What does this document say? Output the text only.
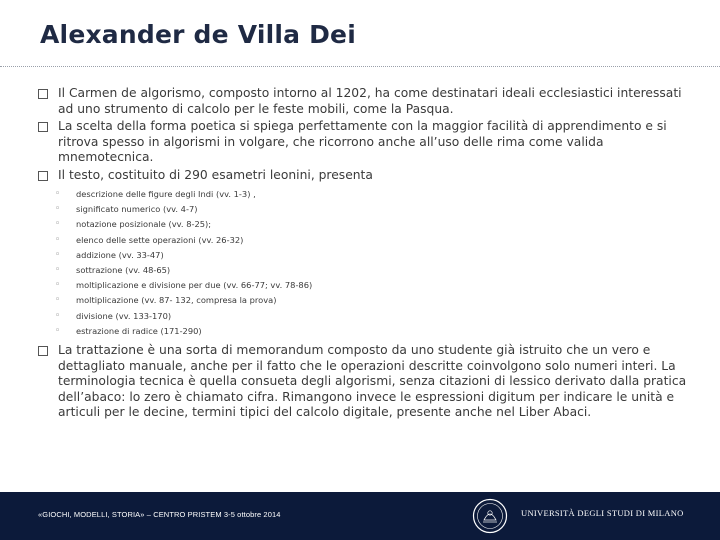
Alexander de Villa Dei
Il Carmen de algorismo, composto intorno al 1202, ha come destinatari ideali ecclesiastici interessati ad uno strumento di calcolo per le feste mobili, come la Pasqua.
La scelta della forma poetica si spiega perfettamente con la maggior facilità di apprendimento e si ritrova spesso in algorismi in volgare, che ricorrono anche all’uso delle rima come valida mnemotecnica.
Il testo, costituito di 290 esametri leonini, presenta
◦ descrizione delle figure degli Indi (vv. 1-3) ,
◦ significato numerico (vv. 4-7)
◦ notazione posizionale (vv. 8-25);
◦ elenco delle sette operazioni (vv. 26-32)
◦ addizione (vv. 33-47)
◦ sottrazione (vv. 48-65)
◦ moltiplicazione e divisione per due (vv. 66-77; vv. 78-86)
◦ moltiplicazione (vv. 87- 132, compresa la prova)
◦ divisione (vv. 133-170)
◦ estrazione di radice (171-290)
La trattazione è una sorta di memorandum composto da uno studente già istruito che un vero e dettagliato manuale, anche per il fatto che le operazioni descritte coinvolgono solo numeri interi. La terminologia tecnica è quella consueta degli algorismi, senza citazioni di lessico derivato dalla pratica dell’abaco: lo zero è chiamato cifra. Rimangono invece le espressioni digitum per indicare le unità e articuli per le decine, termini tipici del calcolo digitale, presente anche nel Liber Abaci.
«GIOCHI, MODELLI, STORIA» – CENTRO PRISTEM 3-5 ottobre 2014	UNIVERSITÀ DEGLI STUDI DI MILANO
